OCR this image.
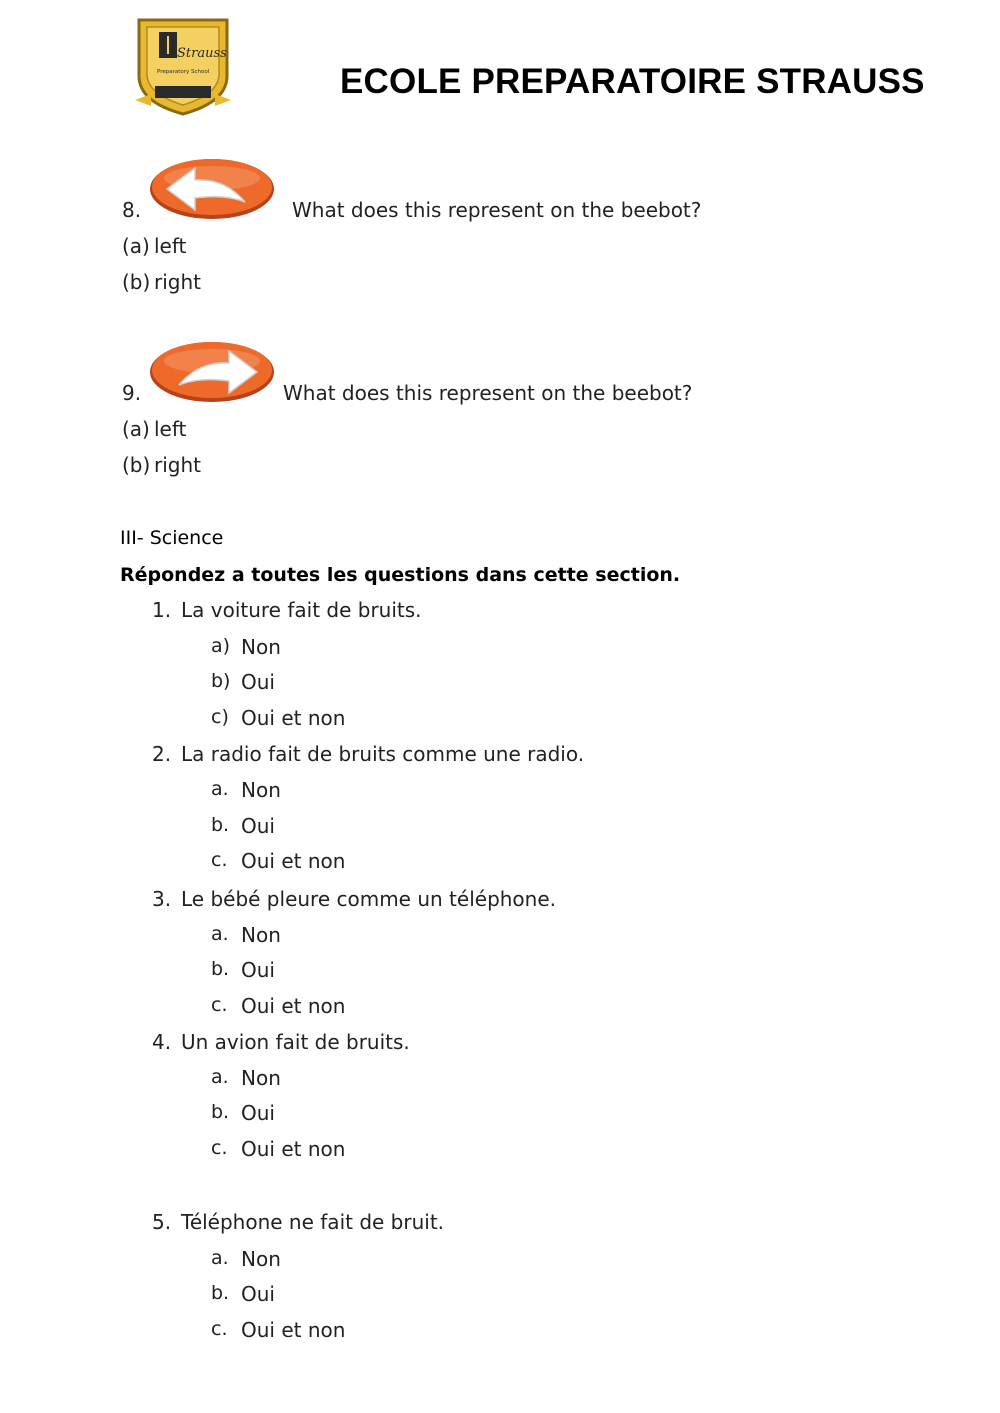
Strauss
Preparatory School	ECOLE PREPARATOIRE STRAUSS
8.	What does this represent on the beebot?
(a) left
(b) right
9.	What does this represent on the beebot?
(a) left
(b) right
III- Science
Répondez a toutes les questions dans cette section.
1. La voiture fait de bruits.
a) Non
b) Oui
c) Oui et non
2. La radio fait de bruits comme une radio.
a. Non
b. Oui
c. Oui et non
3. Le bébé pleure comme un téléphone.
a. Non
b. Oui
c. Oui et non
4. Un avion fait de bruits.
a. Non
b. Oui
c. Oui et non
5. Téléphone ne fait de bruit.
a. Non
b. Oui
c. Oui et non
